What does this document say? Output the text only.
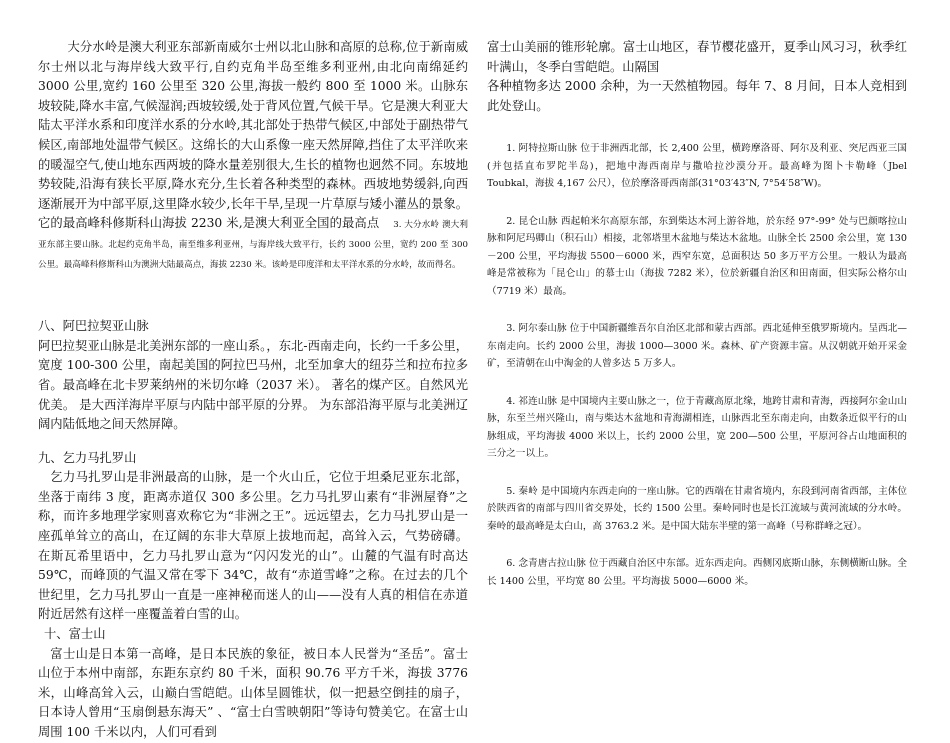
大分水岭是澳大利亚东部新南威尔士州以北山脉和高原的总称,位于新南威尔士州以北与海岸线大致平行,自约克角半岛至维多利亚州,由北向南绵延约 3000 公里,宽约 160 公里至 320 公里,海拔一般约 800 至 1000 米。山脉东坡较陡,降水丰富,气候湿润;西坡较缓,处于背风位置,气候干旱。它是澳大利亚大陆太平洋水系和印度洋水系的分水岭,其北部处于热带气候区,中部处于副热带气候区,南部地处温带气候区。这绵长的大山系像一座天然屏障,挡住了太平洋吹来的暖湿空气,使山地东西两坡的降水量差别很大,生长的植物也迥然不同。东坡地势较陡,沿海有狭长平原,降水充分,生长着各种类型的森林。西坡地势缓斜,向西逐渐展开为中部平原,这里降水较少,长年干旱,呈现一片草原与矮小灌丛的景象。它的最高峰科修斯科山海拔 2230 米,是澳大利亚全国的最高点 3. 大分水岭 澳大利亚东部主要山脉。北起约克角半岛，南至维多利亚州，与海岸线大致平行，长约 3000 公里，宽约 200 至 300 公里。最高峰科修斯科山为澳洲大陆最高点，海拔 2230 米。该岭是印度洋和太平洋水系的分水岭，故而得名。

八、阿巴拉契亚山脉

阿巴拉契亚山脉是北美洲东部的一座山系。，东北-西南走向，长约一千多公里，宽度 100-300 公里，南起美国的阿拉巴马州，北至加拿大的纽芬兰和拉布拉多省。最高峰在北卡罗莱纳州的米切尔峰（2037 米）。 著名的煤产区。自然风光优美。 是大西洋海岸平原与内陆中部平原的分界。 为东部沿海平原与北美洲辽阔内陆低地之间天然屏障。

九、乞力马扎罗山

乞力马扎罗山是非洲最高的山脉，是一个火山丘，它位于坦桑尼亚东北部，坐落于南纬 3 度，距离赤道仅 300 多公里。乞力马扎罗山素有“非洲屋脊”之称，而许多地理学家则喜欢称它为“非洲之王”。远远望去，乞力马扎罗山是一座孤单耸立的高山，在辽阔的东非大草原上拔地而起，高耸入云，气势磅礴。在斯瓦希里语中，乞力马扎罗山意为“闪闪发光的山”。山麓的气温有时高达 59℃，而峰顶的气温又常在零下 34℃，故有“赤道雪峰”之称。在过去的几个世纪里，乞力马扎罗山一直是一座神秘而迷人的山——没有人真的相信在赤道附近居然有这样一座覆盖着白雪的山。

十、富士山

富士山是日本第一高峰，是日本民族的象征，被日本人民誉为“圣岳”。富士山位于本州中南部，东距东京约 80 千米，面积 90.76 平方千米，海拔 3776 米，山峰高耸入云，山巅白雪皑皑。山体呈圆锥状，似一把悬空倒挂的扇子，日本诗人曾用“玉扇倒悬东海天” 、“富士白雪映朝阳”等诗句赞美它。在富士山周围 100 千米以内，人们可看到

富士山美丽的锥形轮廓。富士山地区，春节樱花盛开，夏季山风习习，秋季红叶满山，冬季白雪皑皑。山隔国

各种植物多达 2000 余种，为一天然植物园。每年 7、8 月间，日本人竞相到此处登山。

1. 阿特拉斯山脉 位于非洲西北部，长 2,400 公里，横跨摩洛哥、阿尔及利亚、突尼西亚三国(并包括直布罗陀半岛)，把地中海西南岸与撒哈拉沙漠分开。最高峰为图卜卡勒峰（Jbel Toubkal，海拔 4,167 公尺），位於摩洛哥西南部(31°03′43″N, 7°54′58″W)。

2. 昆仑山脉 西起帕米尔高原东部，东到柴达木河上游谷地，於东经 97°-99° 处与巴颜喀拉山脉和阿尼玛卿山（积石山）相接，北邻塔里木盆地与柴达木盆地。山脉全长 2500 余公里，宽 130－200 公里，平均海拔 5500－6000 米，西窄东宽，总面积达 50 多万平方公里。一般认为最高峰是常被称为「昆仑山」的慕士山（海拔 7282 米），位於新疆自治区和田南面，但实际公格尔山（7719 米）最高。

3. 阿尔泰山脉 位于中国新疆维吾尔自治区北部和蒙古西部。西北延伸至俄罗斯境内。呈西北—东南走向。长约 2000 公里，海拔 1000—3000 米。森林、矿产资源丰富。从汉朝就开始开采金矿，至清朝在山中淘金的人曾多达 5 万多人。

4. 祁连山脉 是中国境内主要山脉之一，位于青藏高原北缘，地跨甘肃和青海，西接阿尔金山山脉，东至兰州兴隆山，南与柴达木盆地和青海湖相连，山脉西北至东南走向，由数条近似平行的山脉组成，平均海拔 4000 米以上，长约 2000 公里，宽 200—500 公里，平原河谷占山地面积的三分之一以上。

5. 秦岭 是中国境内东西走向的一座山脉。它的西端在甘肃省境内，东段到河南省西部，主体位於陕西省的南部与四川省交界处，长约 1500 公里。秦岭同时也是长江流域与黄河流域的分水岭。秦岭的最高峰是太白山，高 3763.2 米。是中国大陆东半壁的第一高峰（号称群峰之冠）。

6. 念青唐古拉山脉 位于西藏自治区中东部。近东西走向。西侧冈底斯山脉，东侧横断山脉。全长 1400 公里，平均宽 80 公里。平均海拔 5000—6000 米。
